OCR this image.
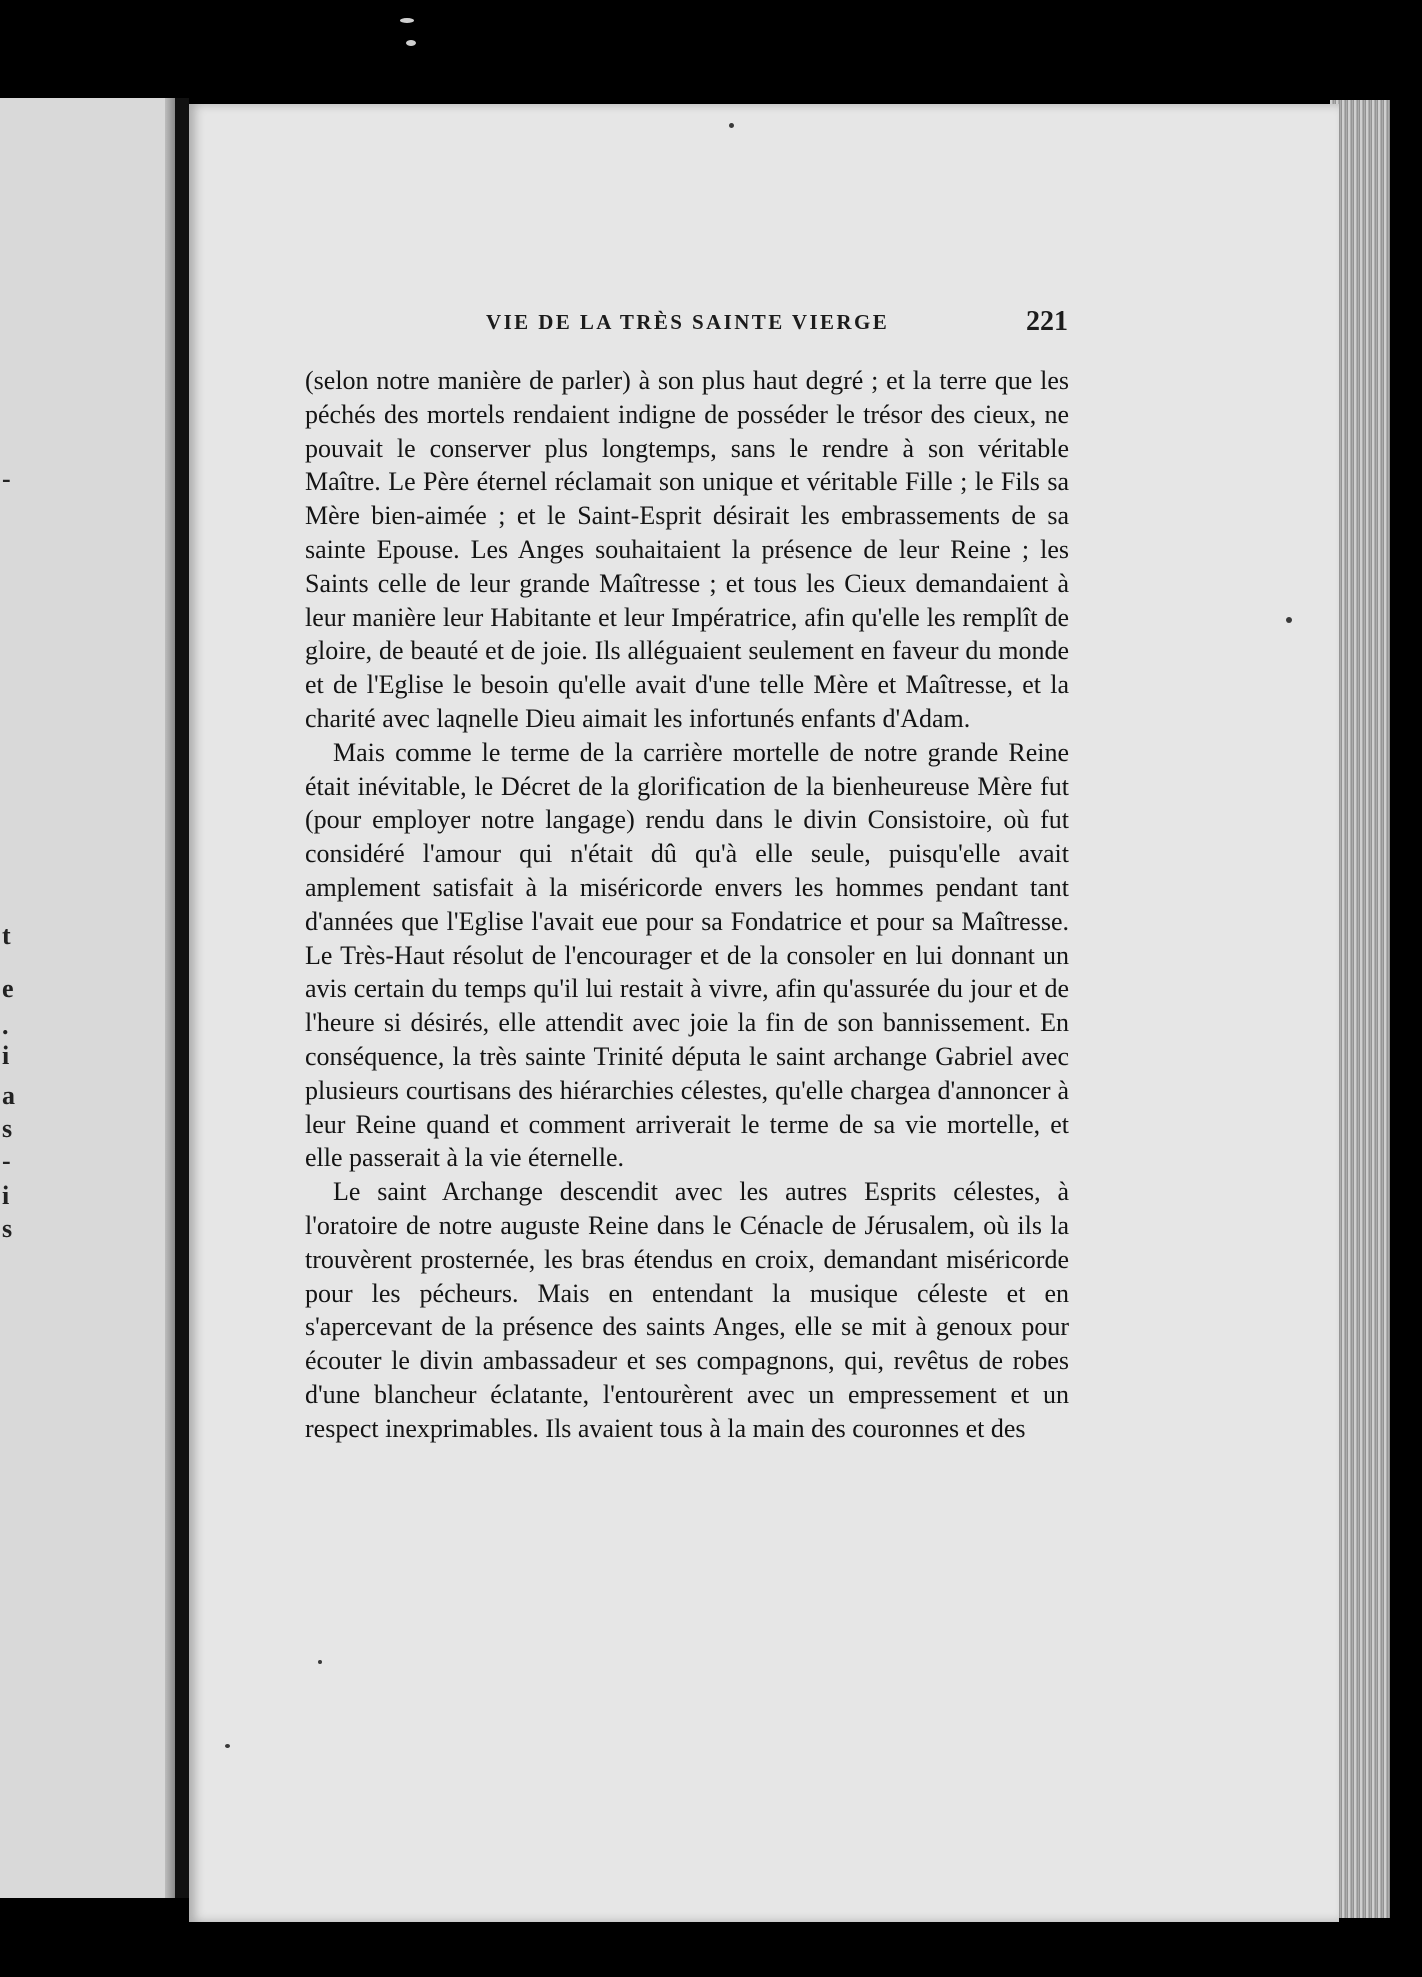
-
t
e
.
i
a
s
-
i
s
VIE DE LA TRÈS SAINTE VIERGE	221

(selon notre manière de parler) à son plus haut degré ; et la terre que les péchés des mortels rendaient indigne de posséder le trésor des cieux, ne pouvait le conserver plus longtemps, sans le rendre à son véritable Maître. Le Père éternel réclamait son unique et véritable Fille ; le Fils sa Mère bien-aimée ; et le Saint-Esprit désirait les embrassements de sa sainte Epouse. Les Anges souhaitaient la présence de leur Reine ; les Saints celle de leur grande Maîtresse ; et tous les Cieux demandaient à leur manière leur Habitante et leur Impératrice, afin qu'elle les remplît de gloire, de beauté et de joie. Ils alléguaient seulement en faveur du monde et de l'Eglise le besoin qu'elle avait d'une telle Mère et Maîtresse, et la charité avec laqnelle Dieu aimait les infortunés enfants d'Adam.

Mais comme le terme de la carrière mortelle de notre grande Reine était inévitable, le Décret de la glorification de la bienheureuse Mère fut (pour employer notre langage) rendu dans le divin Consistoire, où fut considéré l'amour qui n'était dû qu'à elle seule, puisqu'elle avait amplement satisfait à la miséricorde envers les hommes pendant tant d'années que l'Eglise l'avait eue pour sa Fondatrice et pour sa Maîtresse. Le Très-Haut résolut de l'encourager et de la consoler en lui donnant un avis certain du temps qu'il lui restait à vivre, afin qu'assurée du jour et de l'heure si désirés, elle attendit avec joie la fin de son bannissement. En conséquence, la très sainte Trinité députa le saint archange Gabriel avec plusieurs courtisans des hiérarchies célestes, qu'elle chargea d'annoncer à leur Reine quand et comment arriverait le terme de sa vie mortelle, et elle passerait à la vie éternelle.

Le saint Archange descendit avec les autres Esprits célestes, à l'oratoire de notre auguste Reine dans le Cénacle de Jérusalem, où ils la trouvèrent prosternée, les bras étendus en croix, demandant miséricorde pour les pécheurs. Mais en entendant la musique céleste et en s'apercevant de la présence des saints Anges, elle se mit à genoux pour écouter le divin ambassadeur et ses compagnons, qui, revêtus de robes d'une blancheur éclatante, l'entourèrent avec un empressement et un respect inexprimables. Ils avaient tous à la main des couronnes et des
